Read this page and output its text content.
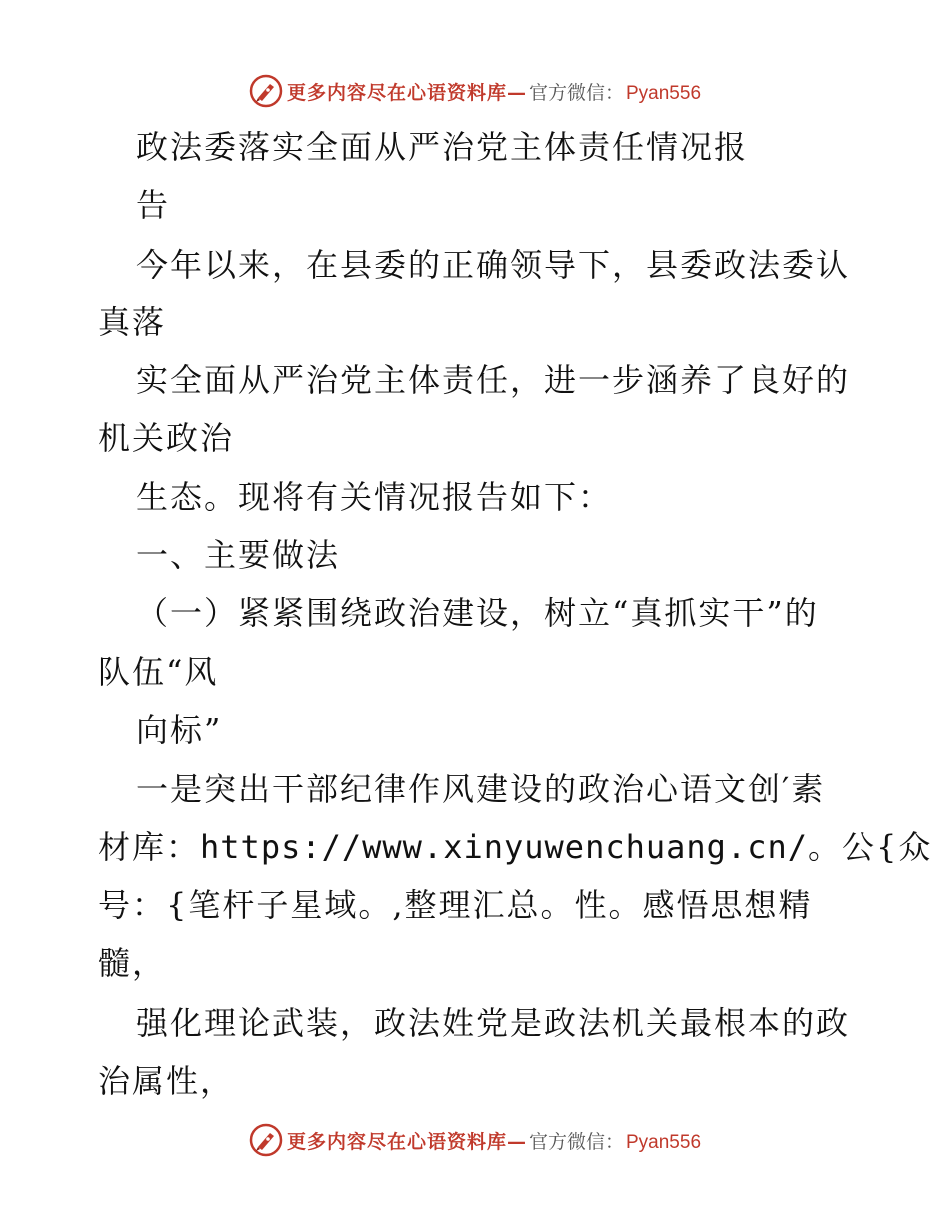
更多内容尽在心语资料库— 官方微信： Pyan556
政法委落实全面从严治党主体责任情况报
告
今年以来，在县委的正确领导下，县委政法委认
真落
实全面从严治党主体责任，进一步涵养了良好的
机关政治
生态。现将有关情况报告如下：
一、主要做法
（一）紧紧围绕政治建设，树立“真抓实干”的
队伍“风
向标”
一是突出干部纪律作风建设的政治心语文创′素
材库：https://www.xinyuwenchuang.cn/。公{众
号：{笔杆子星域。,整理汇总。性。感悟思想精
髓，
强化理论武装，政法姓党是政法机关最根本的政
治属性，
更多内容尽在心语资料库— 官方微信： Pyan556
